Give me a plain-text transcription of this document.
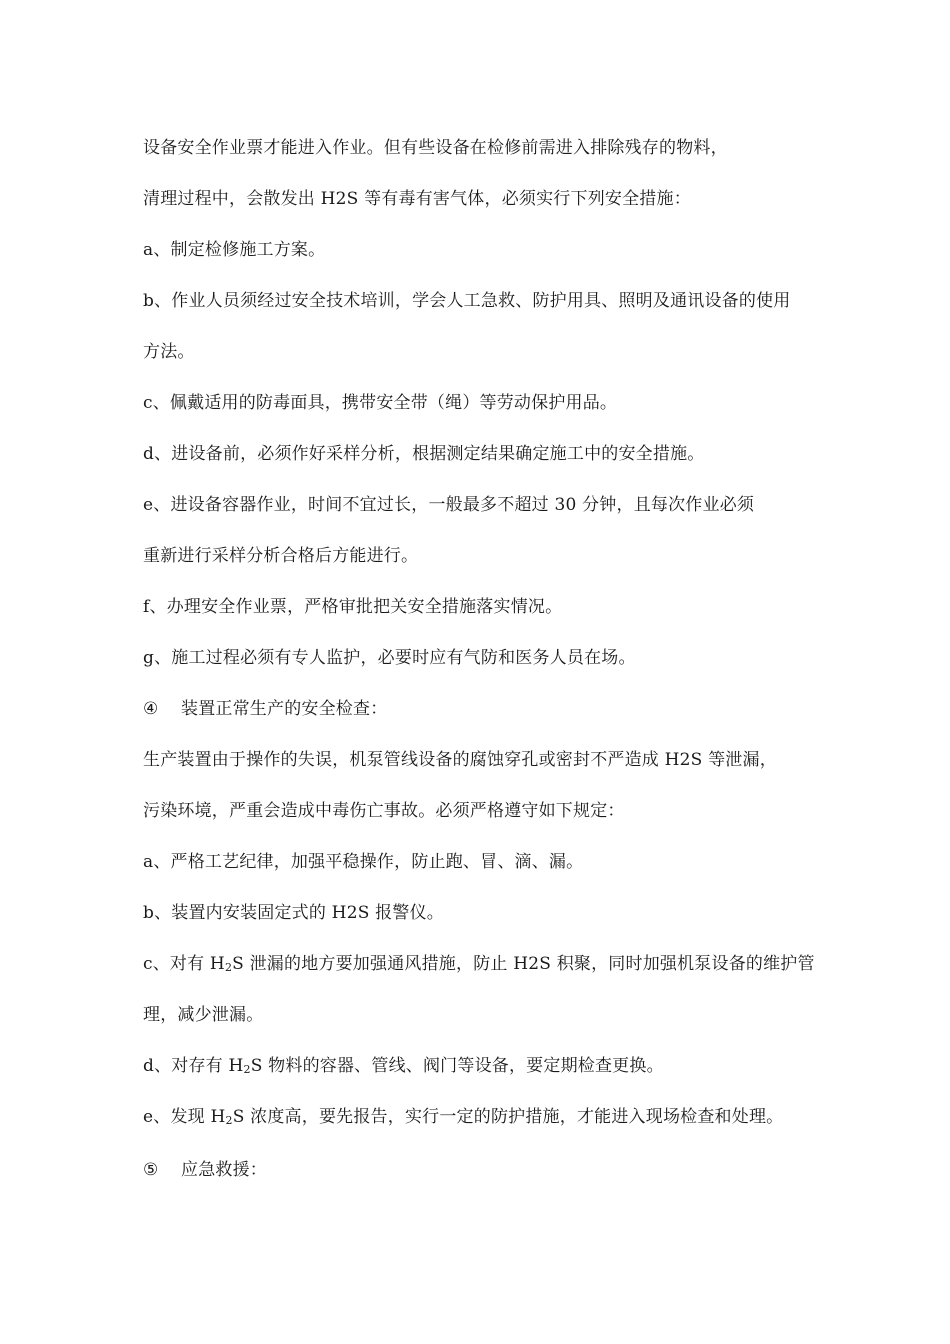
设备安全作业票才能进入作业。但有些设备在检修前需进入排除残存的物料，

清理过程中，会散发出 H2S 等有毒有害气体，必须实行下列安全措施：

a、制定检修施工方案。

b、作业人员须经过安全技术培训，学会人工急救、防护用具、照明及通讯设备的使用

方法。

c、佩戴适用的防毒面具，携带安全带（绳）等劳动保护用品。

d、进设备前，必须作好采样分析，根据测定结果确定施工中的安全措施。

e、进设备容器作业，时间不宜过长，一般最多不超过 30 分钟，且每次作业必须

重新进行采样分析合格后方能进行。

f、办理安全作业票，严格审批把关安全措施落实情况。

g、施工过程必须有专人监护，必要时应有气防和医务人员在场。

④ 装置正常生产的安全检查：

生产装置由于操作的失误，机泵管线设备的腐蚀穿孔或密封不严造成 H2S 等泄漏，

污染环境，严重会造成中毒伤亡事故。必须严格遵守如下规定：

a、严格工艺纪律，加强平稳操作，防止跑、冒、滴、漏。

b、装置内安装固定式的 H2S 报警仪。

c、对有 $H_2S$ 泄漏的地方要加强通风措施，防止 H2S 积聚，同时加强机泵设备的维护管

理，减少泄漏。

d、对存有 $H_2S$ 物料的容器、管线、阀门等设备，要定期检查更换。

e、发现 $H_2S$ 浓度高，要先报告，实行一定的防护措施，才能进入现场检查和处理。

⑤ 应急救援：
